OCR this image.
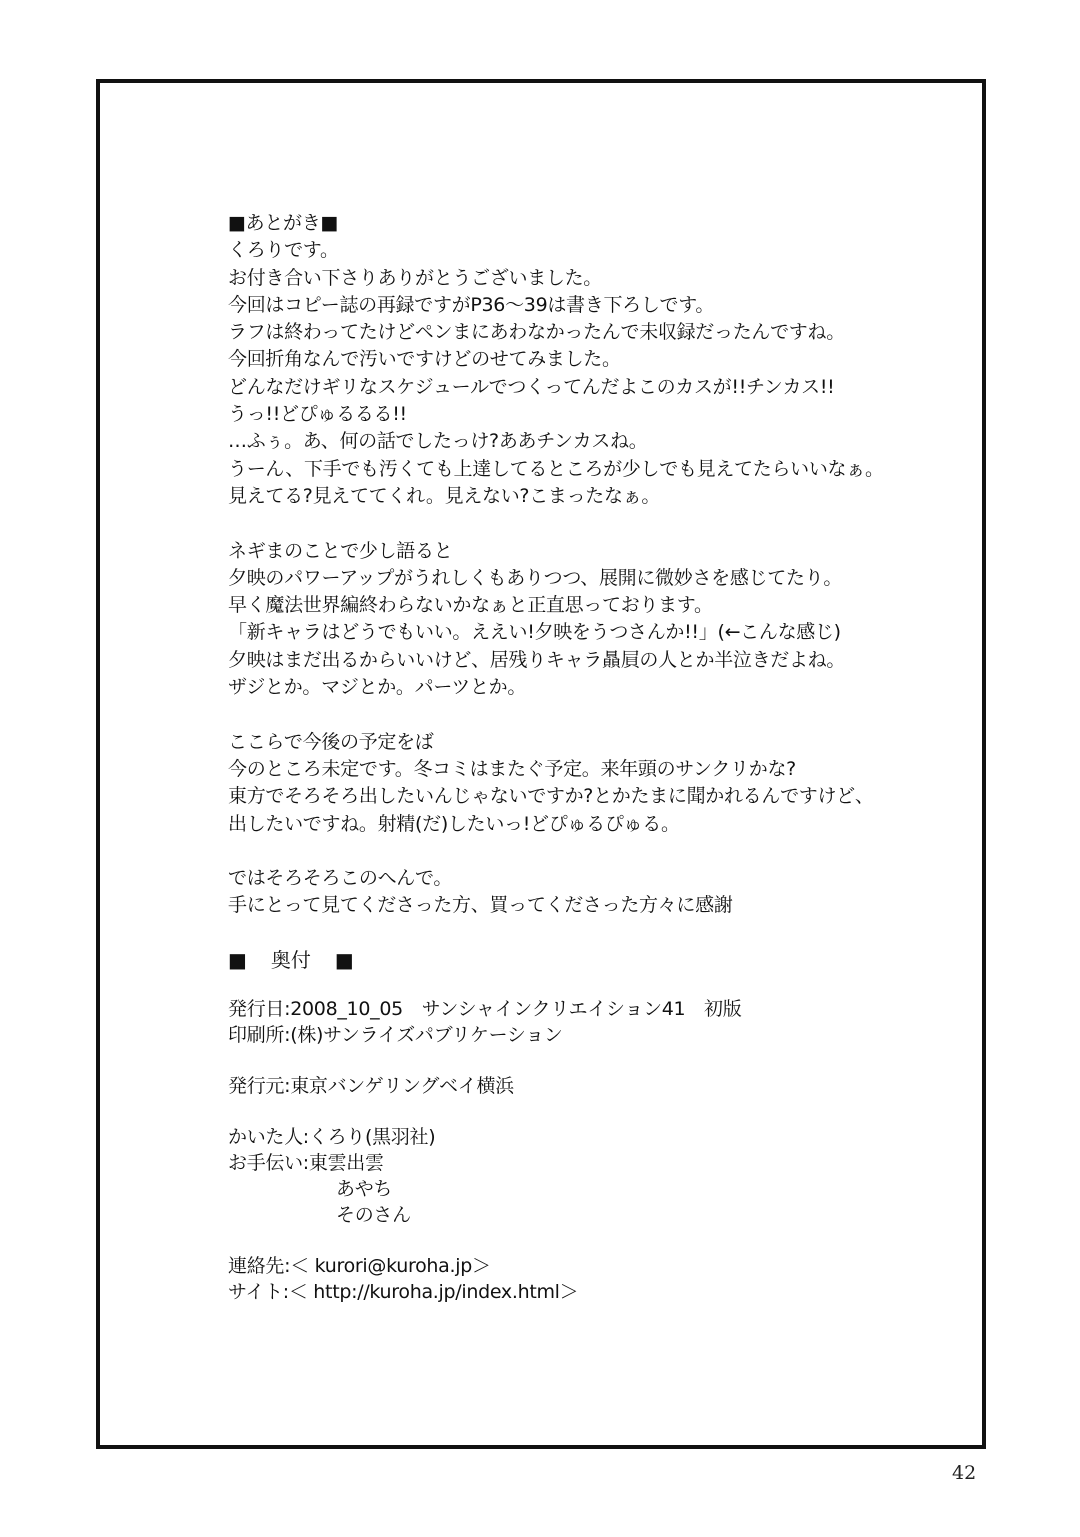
■あとがき■
くろりです。
お付き合い下さりありがとうございました。
今回はコピー誌の再録ですがP36～39は書き下ろしです。
ラフは終わってたけどペンまにあわなかったんで未収録だったんですね。
今回折角なんで汚いですけどのせてみました。
どんなだけギリなスケジュールでつくってんだよこのカスが!!チンカス!!
うっ!!どぴゅるるる!!
…ふぅ。あ、何の話でしたっけ?ああチンカスね。
うーん、下手でも汚くても上達してるところが少しでも見えてたらいいなぁ。
見えてる?見えててくれ。見えない?こまったなぁ。
ネギまのことで少し語ると
夕映のパワーアップがうれしくもありつつ、展開に微妙さを感じてたり。
早く魔法世界編終わらないかなぁと正直思っております。
「新キャラはどうでもいい。ええい!夕映をうつさんか!!」(←こんな感じ)
夕映はまだ出るからいいけど、居残りキャラ贔屓の人とか半泣きだよね。
ザジとか。マジとか。パーツとか。
ここらで今後の予定をば
今のところ未定です。冬コミはまたぐ予定。来年頭のサンクリかな?
東方でそろそろ出したいんじゃないですか?とかたまに聞かれるんですけど、
出したいですね。射精(だ)したいっ!どぴゅるぴゅる。
ではそろそろこのへんで。
手にとって見てくださった方、買ってくださった方々に感謝
■ 奥付 ■
発行日:2008_10_05　サンシャインクリエイション41　初版
印刷所:(株)サンライズパブリケーション
発行元:東京バンゲリングベイ横浜
かいた人:くろり(黒羽社)
お手伝い:東雲出雲
あやち
そのさん
連絡先:＜ kurori@kuroha.jp＞
サイト:＜ http://kuroha.jp/index.html＞
42
